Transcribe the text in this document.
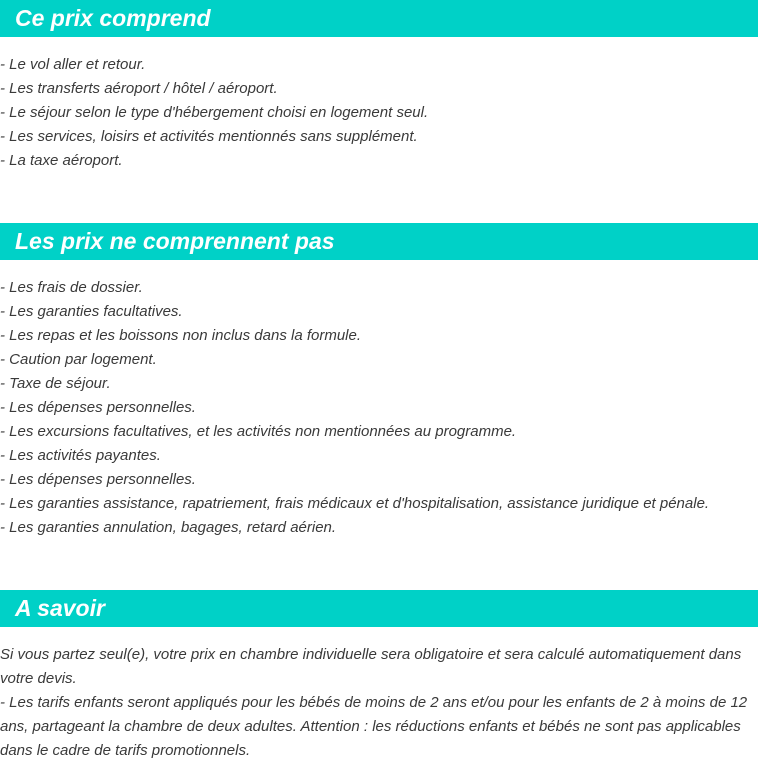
Ce prix comprend
- Le vol aller et retour.
- Les transferts aéroport / hôtel / aéroport.
- Le séjour selon le type d'hébergement choisi en logement seul.
- Les services, loisirs et activités mentionnés sans supplément.
- La taxe aéroport.
Les prix ne comprennent pas
- Les frais de dossier.
- Les garanties facultatives.
- Les repas et les boissons non inclus dans la formule.
- Caution par logement.
- Taxe de séjour.
- Les dépenses personnelles.
- Les excursions facultatives, et les activités non mentionnées au programme.
- Les activités payantes.
- Les dépenses personnelles.
- Les garanties assistance, rapatriement, frais médicaux et d'hospitalisation, assistance juridique et pénale.
- Les garanties annulation, bagages, retard aérien.
A savoir

Si vous partez seul(e), votre prix en chambre individuelle sera obligatoire et sera calculé automatiquement dans votre devis.

- Les tarifs enfants seront appliqués pour les bébés de moins de 2 ans et/ou pour les enfants de 2 à moins de 12 ans, partageant la chambre de deux adultes. Attention : les réductions enfants et bébés ne sont pas applicables dans le cadre de tarifs promotionnels.
